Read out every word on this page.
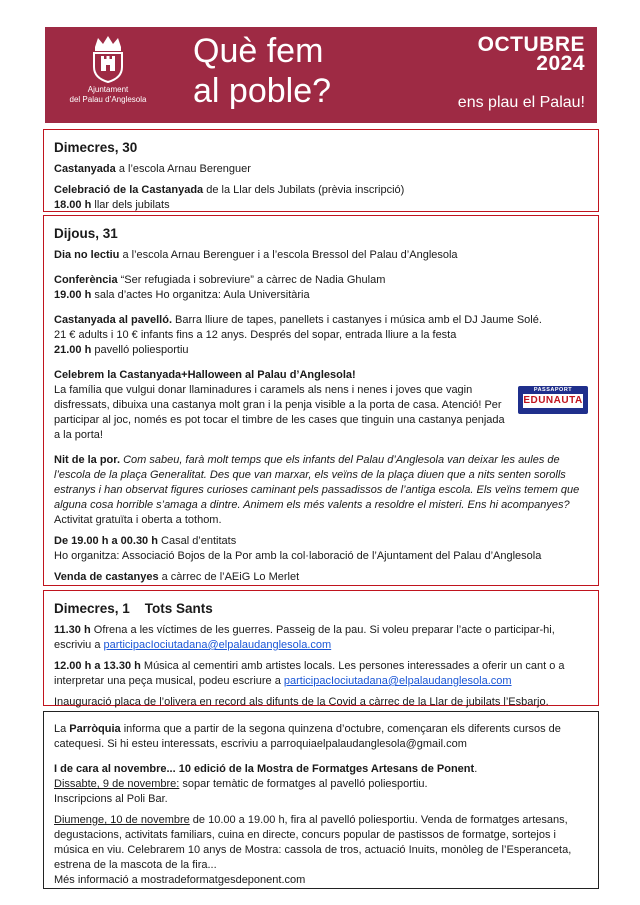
Ajuntament
del Palau d’Anglesola
Què fem
al poble?
OCTUBRE
2024
ens plau el Palau!
Dimecres, 30

Castanyada a l’escola Arnau Berenguer

Celebració de la Castanyada de la Llar dels Jubilats (prèvia inscripció)

18.00 h llar dels jubilats

Dijous, 31

Dia no lectiu a l’escola Arnau Berenguer i a l’escola Bressol del Palau d’Anglesola

Conferència “Ser refugiada i sobreviure” a càrrec de Nadia Ghulam

19.00 h sala d’actes Ho organitza: Aula Universitària

Castanyada al pavelló. Barra lliure de tapes, panellets i castanyes i música amb el DJ Jaume Solé.

21 € adults i 10 € infants fins a 12 anys. Després del sopar, entrada lliure a la festa

21.00 h pavelló poliesportiu

Celebrem la Castanyada+Halloween al Palau d’Anglesola!

La família que vulgui donar llaminadures i caramels als nens i nenes i joves que vagin disfressats, dibuixa una castanya molt gran i la penja visible a la porta de casa. Atenció! Per participar al joc, només es pot tocar el timbre de les cases que tinguin una castanya penjada a la porta!

PASSAPORT
EDUNAUTA

Nit de la por. Com sabeu, farà molt temps que els infants del Palau d’Anglesola van deixar les aules de l’escola de la plaça Generalitat. Des que van marxar, els veïns de la plaça diuen que a nits senten sorolls estranys i han observat figures curioses caminant pels passadissos de l’antiga escola. Els veïns temem que alguna cosa horrible s’amaga a dintre. Animem els més valents a resoldre el misteri. Ens hi acompanyes? Activitat gratuïta i oberta a tothom.

De 19.00 h a 00.30 h Casal d’entitats

Ho organitza: Associació Bojos de la Por amb la col·laboració de l’Ajuntament del Palau d’Anglesola

Venda de castanyes a càrrec de l’AEiG Lo Merlet

Dimecres, 1    Tots Sants

11.30 h Ofrena a les víctimes de les guerres. Passeig de la pau. Si voleu preparar l’acte o participar-hi, escriviu a participacIociutadana@elpalaudanglesola.com

12.00 h a 13.30 h Música al cementiri amb artistes locals. Les persones interessades a oferir un cant o a interpretar una peça musical, podeu escriure a participacIociutadana@elpalaudanglesola.com

Inauguració placa de l’olivera en record als difunts de la Covid a càrrec de la Llar de jubilats l’Esbarjo.

La Parròquia informa que a partir de la segona quinzena d’octubre, començaran els diferents cursos de catequesi. Si hi esteu interessats, escriviu a parroquiaelpalaudanglesola@gmail.com

I de cara al novembre... 10 edició de la Mostra de Formatges Artesans de Ponent.

Dissabte, 9 de novembre: sopar temàtic de formatges al pavelló poliesportiu.

Inscripcions al Poli Bar.

Diumenge, 10 de novembre de 10.00 a 19.00 h, fira al pavelló poliesportiu. Venda de formatges artesans, degustacions, activitats familiars, cuina en directe, concurs popular de pastissos de formatge, sortejos i música en viu. Celebrarem 10 anys de Mostra: cassola de tros, actuació Inuits, monòleg de l’Esperanceta, estrena de la mascota de la fira...

Més informació a mostradeformatgesdeponent.com
